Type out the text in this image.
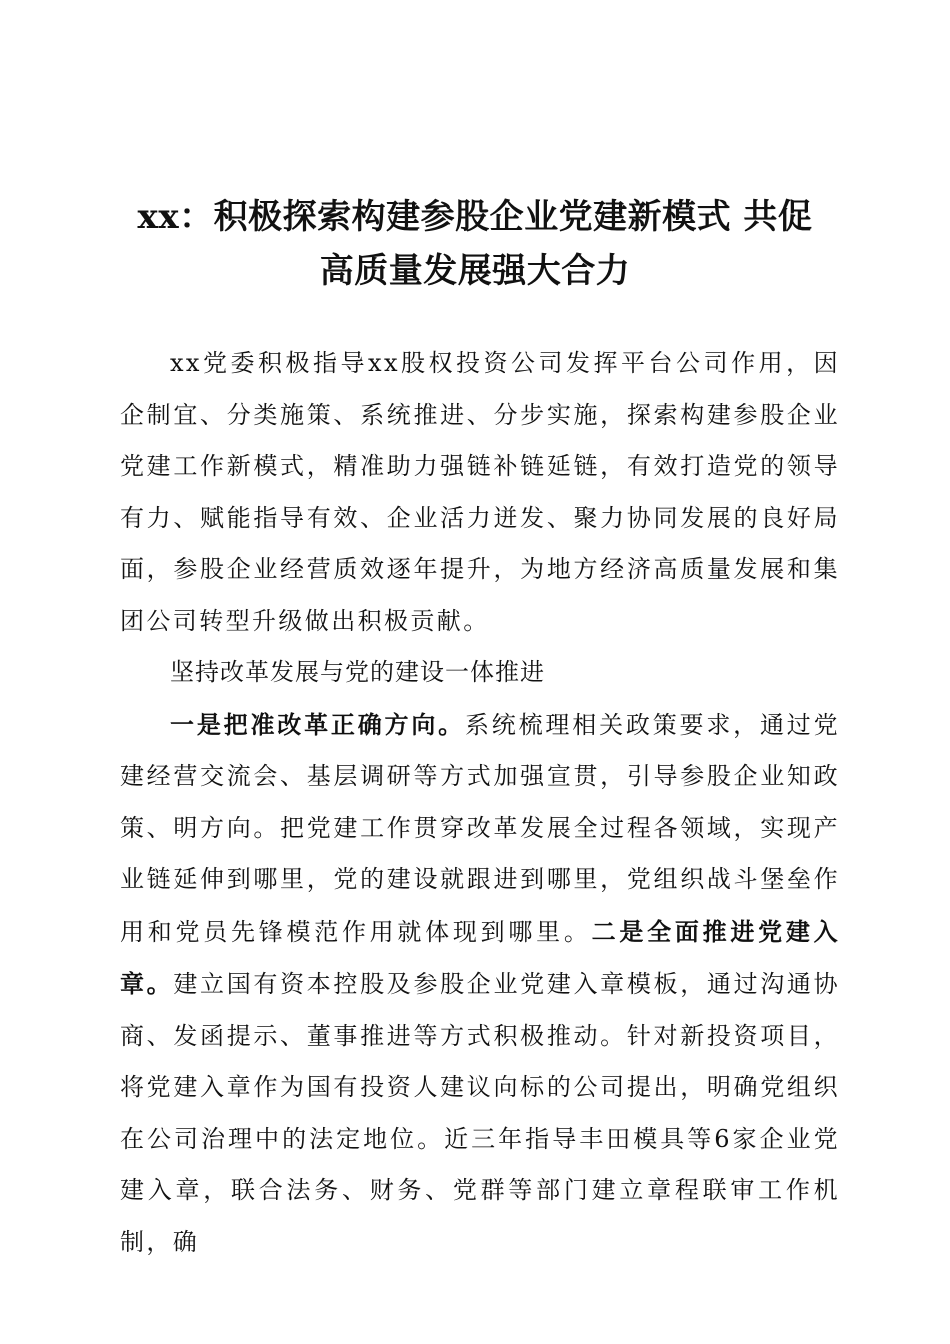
xx：积极探索构建参股企业党建新模式 共促
高质量发展强大合力

xx党委积极指导xx股权投资公司发挥平台公司作用，因企制宜、分类施策、系统推进、分步实施，探索构建参股企业党建工作新模式，精准助力强链补链延链，有效打造党的领导有力、赋能指导有效、企业活力迸发、聚力协同发展的良好局面，参股企业经营质效逐年提升，为地方经济高质量发展和集团公司转型升级做出积极贡献。

坚持改革发展与党的建设一体推进

一是把准改革正确方向。系统梳理相关政策要求，通过党建经营交流会、基层调研等方式加强宣贯，引导参股企业知政策、明方向。把党建工作贯穿改革发展全过程各领域，实现产业链延伸到哪里，党的建设就跟进到哪里，党组织战斗堡垒作用和党员先锋模范作用就体现到哪里。二是全面推进党建入章。建立国有资本控股及参股企业党建入章模板，通过沟通协商、发函提示、董事推进等方式积极推动。针对新投资项目，将党建入章作为国有投资人建议向标的公司提出，明确党组织在公司治理中的法定地位。近三年指导丰田模具等6家企业党建入章，联合法务、财务、党群等部门建立章程联审工作机制，确
